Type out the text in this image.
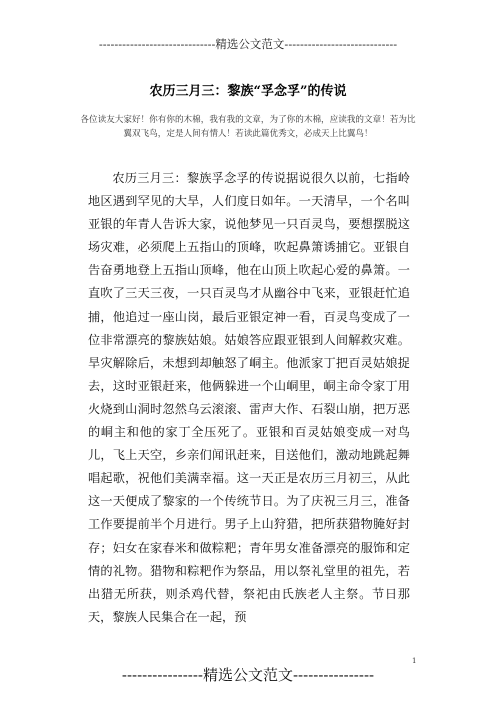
------------------------------精选公文范文-----------------------------
农历三月三：黎族“孚念孚”的传说
各位读友大家好！你有你的木棉，我有我的文章，为了你的木棉，应读我的文章！若为比翼双飞鸟，定是人间有情人！若读此篇优秀文，必成天上比翼鸟！

农历三月三：黎族孚念孚的传说据说很久以前，七指岭地区遇到罕见的大旱，人们度日如年。一天清早，一个名叫亚银的年青人告诉大家，说他梦见一只百灵鸟，要想摆脱这场灾难，必须爬上五指山的顶峰，吹起鼻箫诱捕它。亚银自告奋勇地登上五指山顶峰，他在山顶上吹起心爱的鼻箫。一直吹了三天三夜，一只百灵鸟才从幽谷中飞来，亚银赶忙追捕，他追过一座山岗，最后亚银定神一看，百灵鸟变成了一位非常漂亮的黎族姑娘。姑娘答应跟亚银到人间解救灾难。旱灾解除后，未想到却触怒了峒主。他派家丁把百灵姑娘捉去，这时亚银赶来，他俩躲进一个山峒里，峒主命令家丁用火烧到山洞时忽然乌云滚滚、雷声大作、石裂山崩，把万恶的峒主和他的家丁全压死了。亚银和百灵姑娘变成一对鸟儿，飞上天空，乡亲们闻讯赶来，目送他们，激动地跳起舞唱起歌，祝他们美满幸福。这一天正是农历三月初三，从此这一天便成了黎家的一个传统节日。为了庆祝三月三，准备工作要提前半个月进行。男子上山狩猎，把所获猎物腌好封存；妇女在家春米和做粽粑；青年男女准备漂亮的服饰和定情的礼物。猎物和粽粑作为祭品，用以祭礼堂里的祖先，若出猎无所获，则杀鸡代替，祭祀由氏族老人主祭。节日那天，黎族人民集合在一起，预

1
----------------精选公文范文----------------
